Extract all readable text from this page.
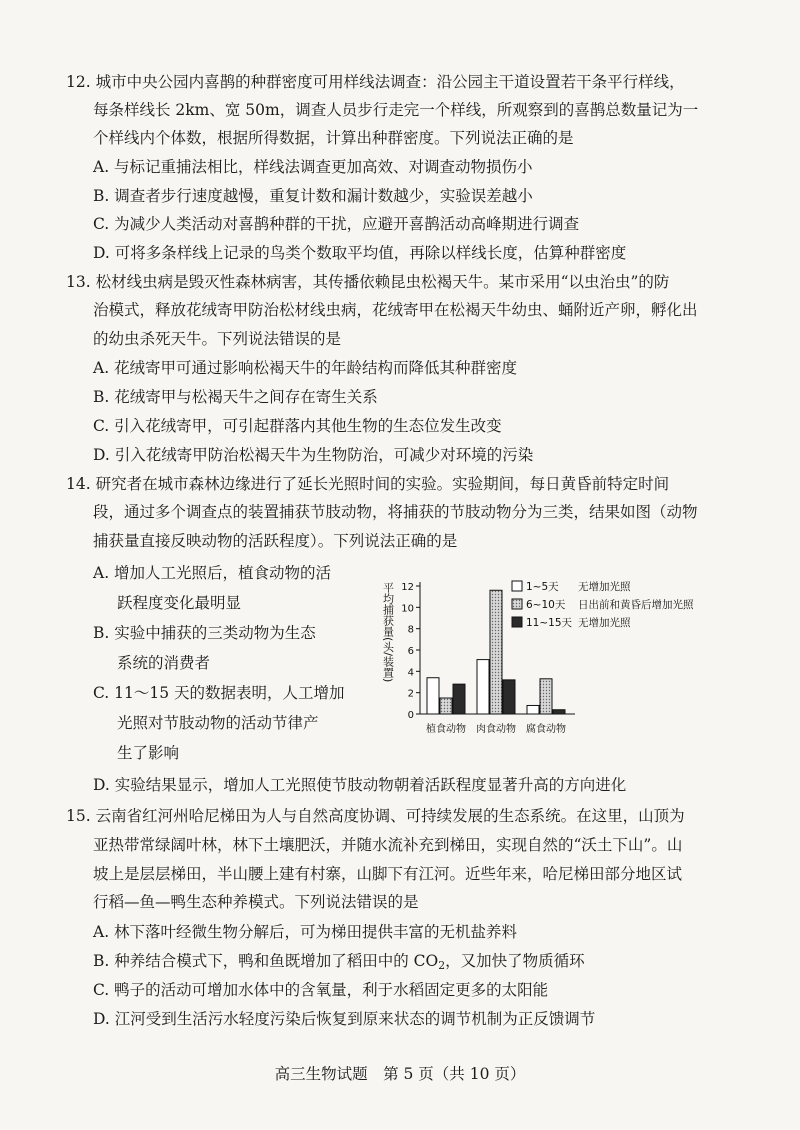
12. 城市中央公园内喜鹊的种群密度可用样线法调查：沿公园主干道设置若干条平行样线，
每条样线长 2km、宽 50m，调查人员步行走完一个样线，所观察到的喜鹊总数量记为一
个样线内个体数，根据所得数据，计算出种群密度。下列说法正确的是
A. 与标记重捕法相比，样线法调查更加高效、对调查动物损伤小
B. 调查者步行速度越慢，重复计数和漏计数越少，实验误差越小
C. 为减少人类活动对喜鹊种群的干扰，应避开喜鹊活动高峰期进行调查
D. 可将多条样线上记录的鸟类个数取平均值，再除以样线长度，估算种群密度
13. 松材线虫病是毁灭性森林病害，其传播依赖昆虫松褐天牛。某市采用“以虫治虫”的防
治模式，释放花绒寄甲防治松材线虫病，花绒寄甲在松褐天牛幼虫、蛹附近产卵，孵化出
的幼虫杀死天牛。下列说法错误的是
A. 花绒寄甲可通过影响松褐天牛的年龄结构而降低其种群密度
B. 花绒寄甲与松褐天牛之间存在寄生关系
C. 引入花绒寄甲，可引起群落内其他生物的生态位发生改变
D. 引入花绒寄甲防治松褐天牛为生物防治，可减少对环境的污染
14. 研究者在城市森林边缘进行了延长光照时间的实验。实验期间，每日黄昏前特定时间
段，通过多个调查点的装置捕获节肢动物，将捕获的节肢动物分为三类，结果如图（动物
捕获量直接反映动物的活跃程度）。下列说法正确的是
A. 增加人工光照后，植食动物的活
跃程度变化最明显
B. 实验中捕获的三类动物为生态
系统的消费者
C. 11～15 天的数据表明，人工增加
光照对节肢动物的活动节律产
生了影响
D. 实验结果显示，增加人工光照使节肢动物朝着活跃程度显著升高的方向进化
平均捕获量(头/装置)
0
2
4
6
8
10
12
植食动物 肉食动物 腐食动物
1~5天 无增加光照
6~10天 日出前和黄昏后增加光照
11~15天 无增加光照
15. 云南省红河州哈尼梯田为人与自然高度协调、可持续发展的生态系统。在这里，山顶为
亚热带常绿阔叶林，林下土壤肥沃，并随水流补充到梯田，实现自然的“沃土下山”。山
坡上是层层梯田，半山腰上建有村寨，山脚下有江河。近些年来，哈尼梯田部分地区试
行稻—鱼—鸭生态种养模式。下列说法错误的是
A. 林下落叶经微生物分解后，可为梯田提供丰富的无机盐养料
B. 种养结合模式下，鸭和鱼既增加了稻田中的 $CO_2$，又加快了物质循环
C. 鸭子的活动可增加水体中的含氧量，利于水稻固定更多的太阳能
D. 江河受到生活污水轻度污染后恢复到原来状态的调节机制为正反馈调节
高三生物试题　第 5 页（共 10 页）
